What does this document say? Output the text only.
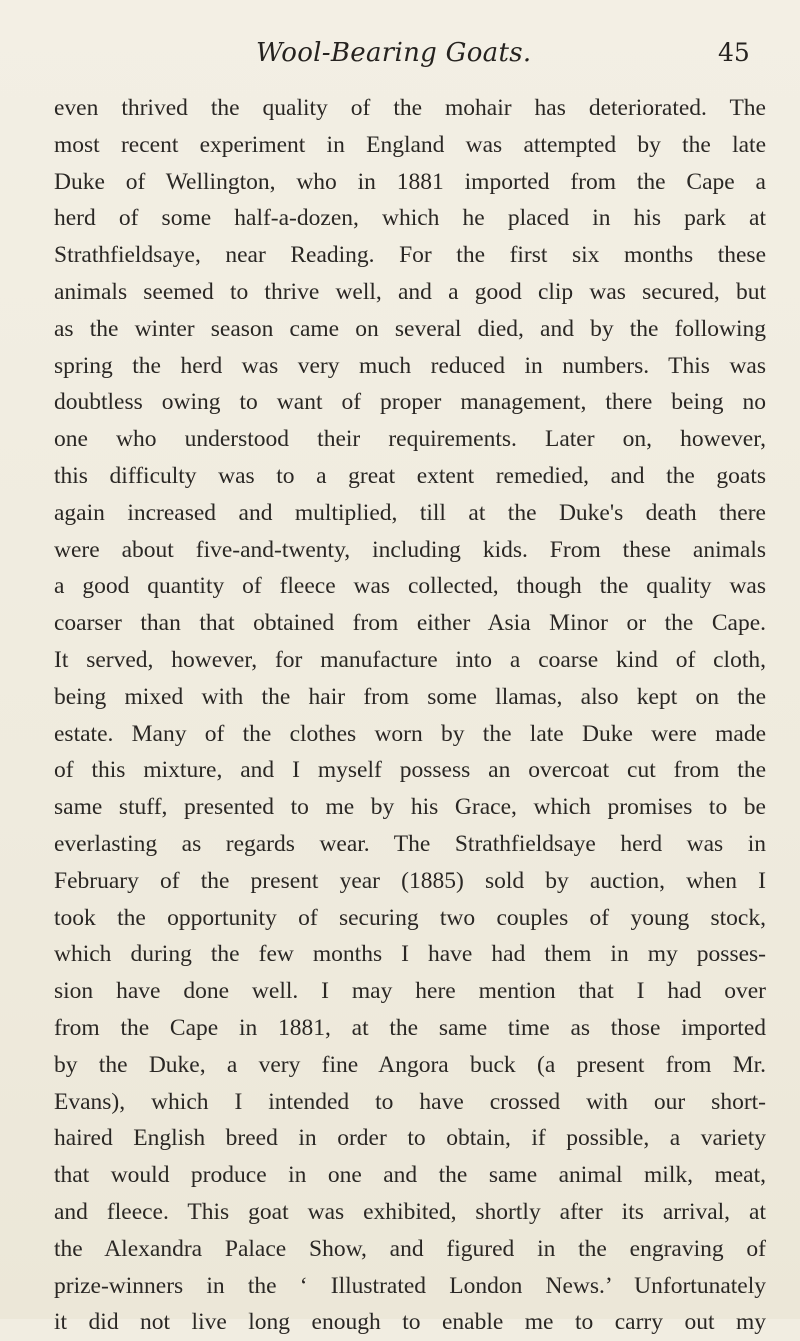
Wool-Bearing Goats.	45
even thrived the quality of the mohair has deteriorated. The
most recent experiment in England was attempted by the late
Duke of Wellington, who in 1881 imported from the Cape a
herd of some half-a-dozen, which he placed in his park at
Strathfieldsaye, near Reading. For the first six months these
animals seemed to thrive well, and a good clip was secured, but
as the winter season came on several died, and by the following
spring the herd was very much reduced in numbers. This was
doubtless owing to want of proper management, there being no
one who understood their requirements. Later on, however,
this difficulty was to a great extent remedied, and the goats
again increased and multiplied, till at the Duke's death there
were about five-and-twenty, including kids. From these animals
a good quantity of fleece was collected, though the quality was
coarser than that obtained from either Asia Minor or the Cape.
It served, however, for manufacture into a coarse kind of cloth,
being mixed with the hair from some llamas, also kept on the
estate. Many of the clothes worn by the late Duke were made
of this mixture, and I myself possess an overcoat cut from the
same stuff, presented to me by his Grace, which promises to be
everlasting as regards wear. The Strathfieldsaye herd was in
February of the present year (1885) sold by auction, when I
took the opportunity of securing two couples of young stock,
which during the few months I have had them in my posses-
sion have done well. I may here mention that I had over
from the Cape in 1881, at the same time as those imported
by the Duke, a very fine Angora buck (a present from Mr.
Evans), which I intended to have crossed with our short-
haired English breed in order to obtain, if possible, a variety
that would produce in one and the same animal milk, meat,
and fleece. This goat was exhibited, shortly after its arrival, at
the Alexandra Palace Show, and figured in the engraving of
prize-winners in the ‘ Illustrated London News.’ Unfortunately
it did not live long enough to enable me to carry out my
